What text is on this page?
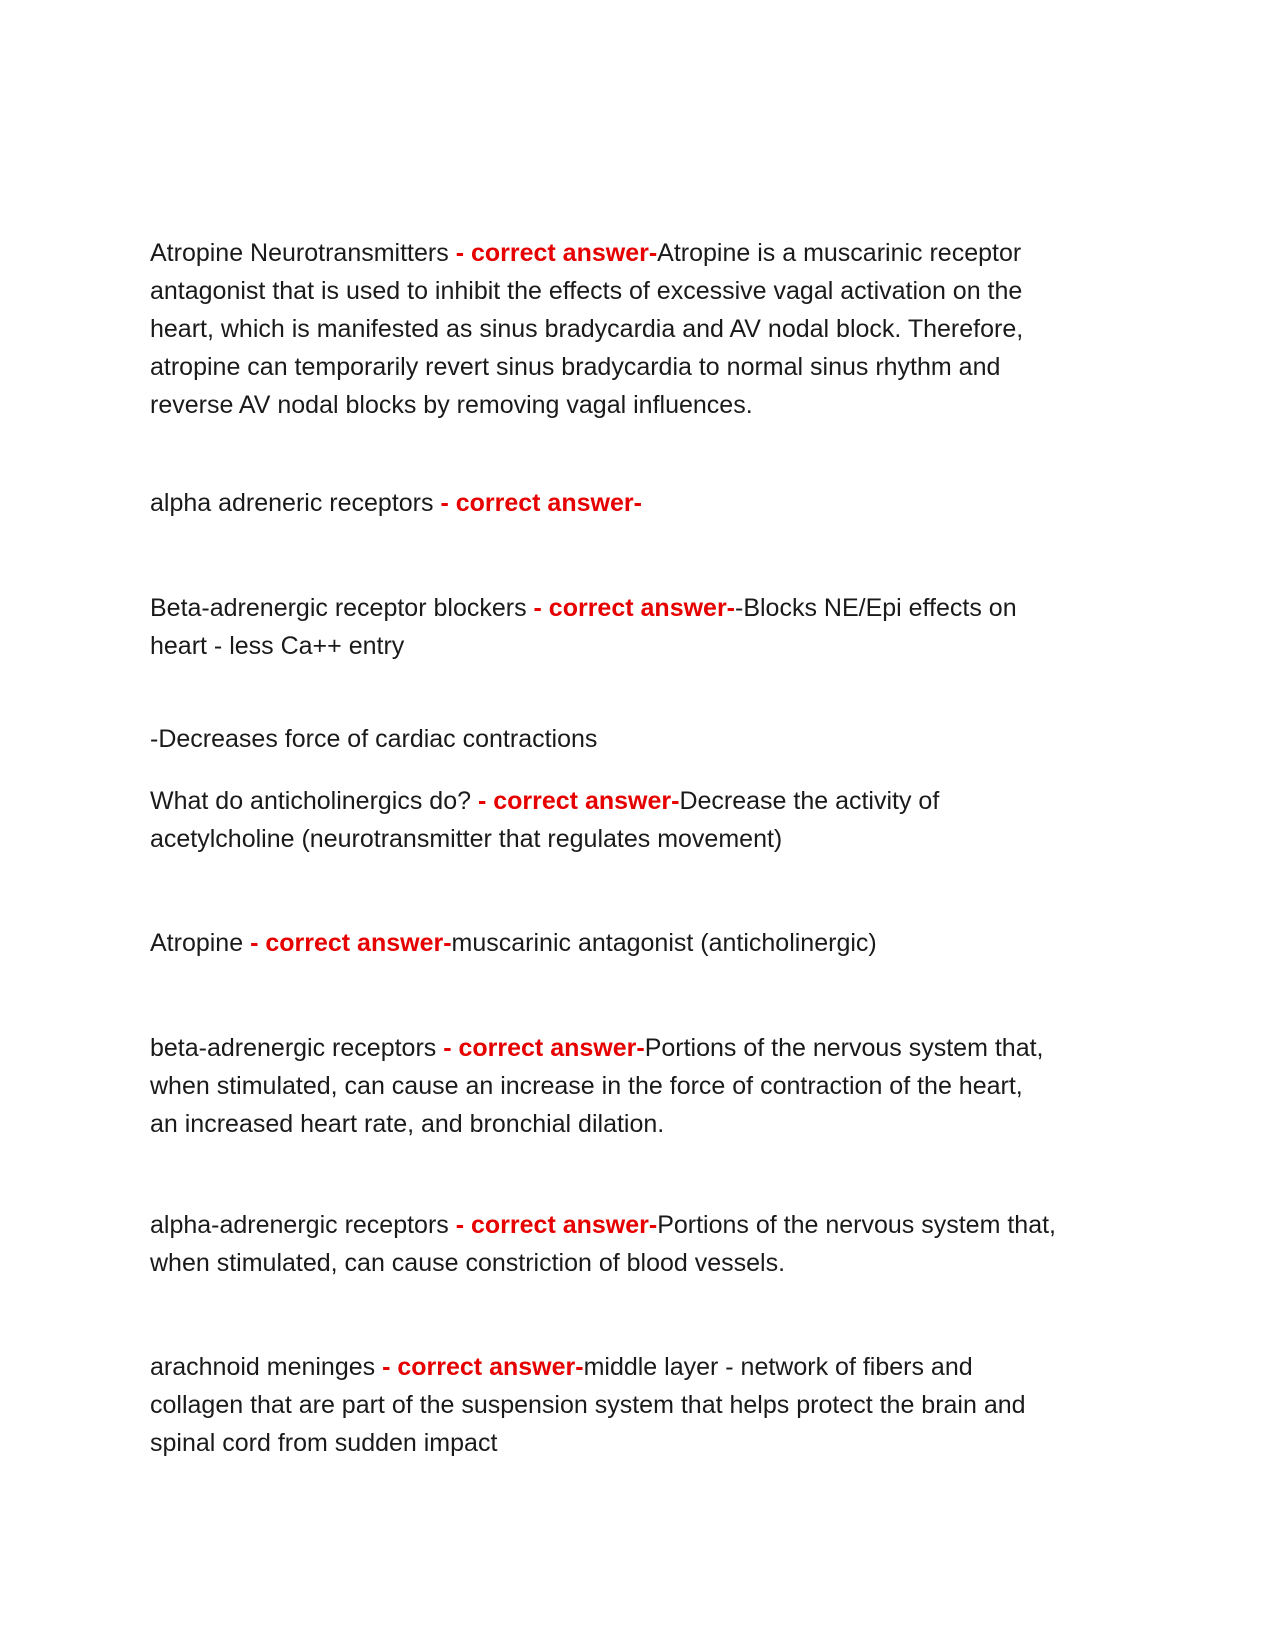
Atropine Neurotransmitters - correct answer-Atropine is a muscarinic receptor
antagonist that is used to inhibit the effects of excessive vagal activation on the
heart, which is manifested as sinus bradycardia and AV nodal block. Therefore,
atropine can temporarily revert sinus bradycardia to normal sinus rhythm and
reverse AV nodal blocks by removing vagal influences.

alpha adreneric receptors - correct answer-

Beta-adrenergic receptor blockers - correct answer--Blocks NE/Epi effects on
heart - less Ca++ entry

-Decreases force of cardiac contractions

What do anticholinergics do? - correct answer-Decrease the activity of
acetylcholine (neurotransmitter that regulates movement)

Atropine - correct answer-muscarinic antagonist (anticholinergic)

beta-adrenergic receptors - correct answer-Portions of the nervous system that,
when stimulated, can cause an increase in the force of contraction of the heart,
an increased heart rate, and bronchial dilation.

alpha-adrenergic receptors - correct answer-Portions of the nervous system that,
when stimulated, can cause constriction of blood vessels.

arachnoid meninges - correct answer-middle layer - network of fibers and
collagen that are part of the suspension system that helps protect the brain and
spinal cord from sudden impact
